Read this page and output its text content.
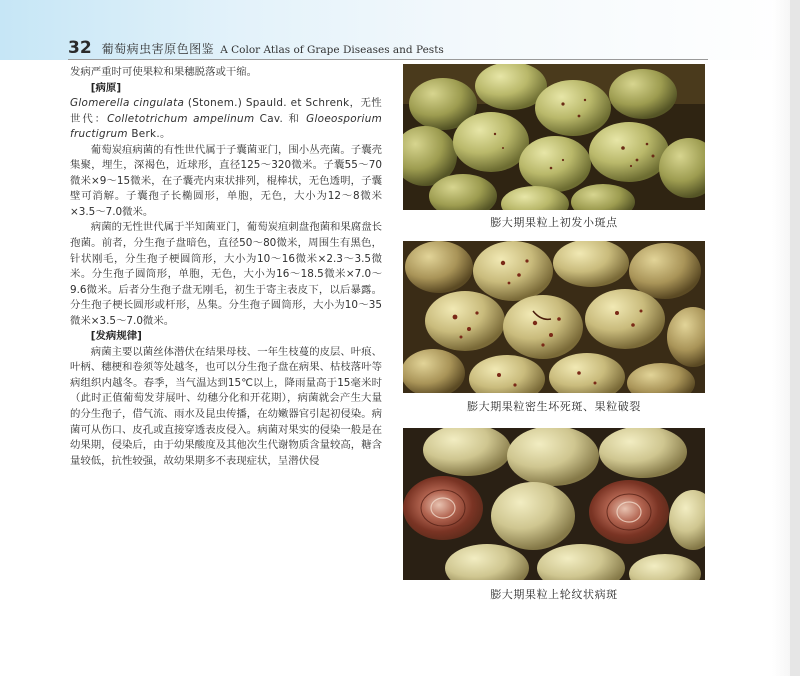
32 葡萄病虫害原色图鉴 A Color Atlas of Grape Diseases and Pests

发病严重时可使果粒和果穗脱落或干缩。

[病原]

Glomerella cingulata (Stonem.) Spauld. et Schrenk，无性世代：Colletotrichum ampelinum Cav. 和 Gloeosporium fructigrum Berk.。

葡萄炭疽病菌的有性世代属于子囊菌亚门，围小丛壳菌。子囊壳集聚，埋生，深褐色，近球形，直径125～320微米。子囊55～70微米×9～15微米，在子囊壳内束状排列，棍棒状，无色透明，子囊壁可消解。子囊孢子长椭圆形，单胞，无色，大小为12～8微米×3.5～7.0微米。

病菌的无性世代属于半知菌亚门，葡萄炭疽刺盘孢菌和果腐盘长孢菌。前者，分生孢子盘暗色，直径50～80微米，周围生有黑色，针状刚毛，分生孢子梗圆筒形，大小为10～16微米×2.3～3.5微米。分生孢子圆筒形，单胞，无色，大小为16～18.5微米×7.0～9.6微米。后者分生孢子盘无刚毛，初生于寄主表皮下，以后暴露。分生孢子梗长圆形或杆形，丛集。分生孢子圆筒形，大小为10～35微米×3.5～7.0微米。

[发病规律]

病菌主要以菌丝体潜伏在结果母枝、一年生枝蔓的皮层、叶痕、叶柄、穗梗和卷须等处越冬，也可以分生孢子盘在病果、枯枝落叶等病组织内越冬。春季，当气温达到15℃以上，降雨量高于15毫米时（此时正值葡萄发芽展叶、幼穗分化和开花期），病菌就会产生大量的分生孢子，借气流、雨水及昆虫传播，在幼嫩器官引起初侵染。病菌可从伤口、皮孔或直接穿透表皮侵入。病菌对果实的侵染一般是在幼果期，侵染后，由于幼果酸度及其他次生代谢物质含量较高，糖含量较低，抗性较强，故幼果期多不表现症状，呈潜伏侵

膨大期果粒上初发小斑点
膨大期果粒密生坏死斑、果粒破裂
膨大期果粒上轮纹状病斑
